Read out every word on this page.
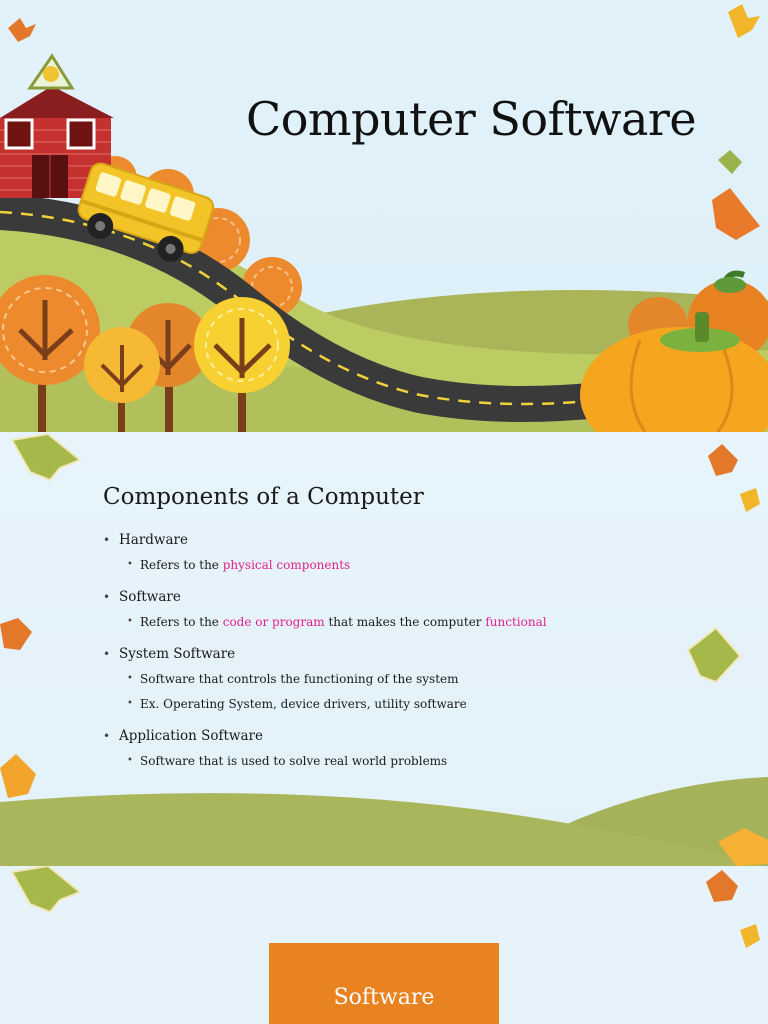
Computer Software
Components of a Computer
• Hardware
• Refers to the physical components
• Software
• Refers to the code or program that makes the computer functional
• System Software
• Software that controls the functioning of the system
• Ex. Operating System, device drivers, utility software
• Application Software
• Software that is used to solve real world problems
Software
